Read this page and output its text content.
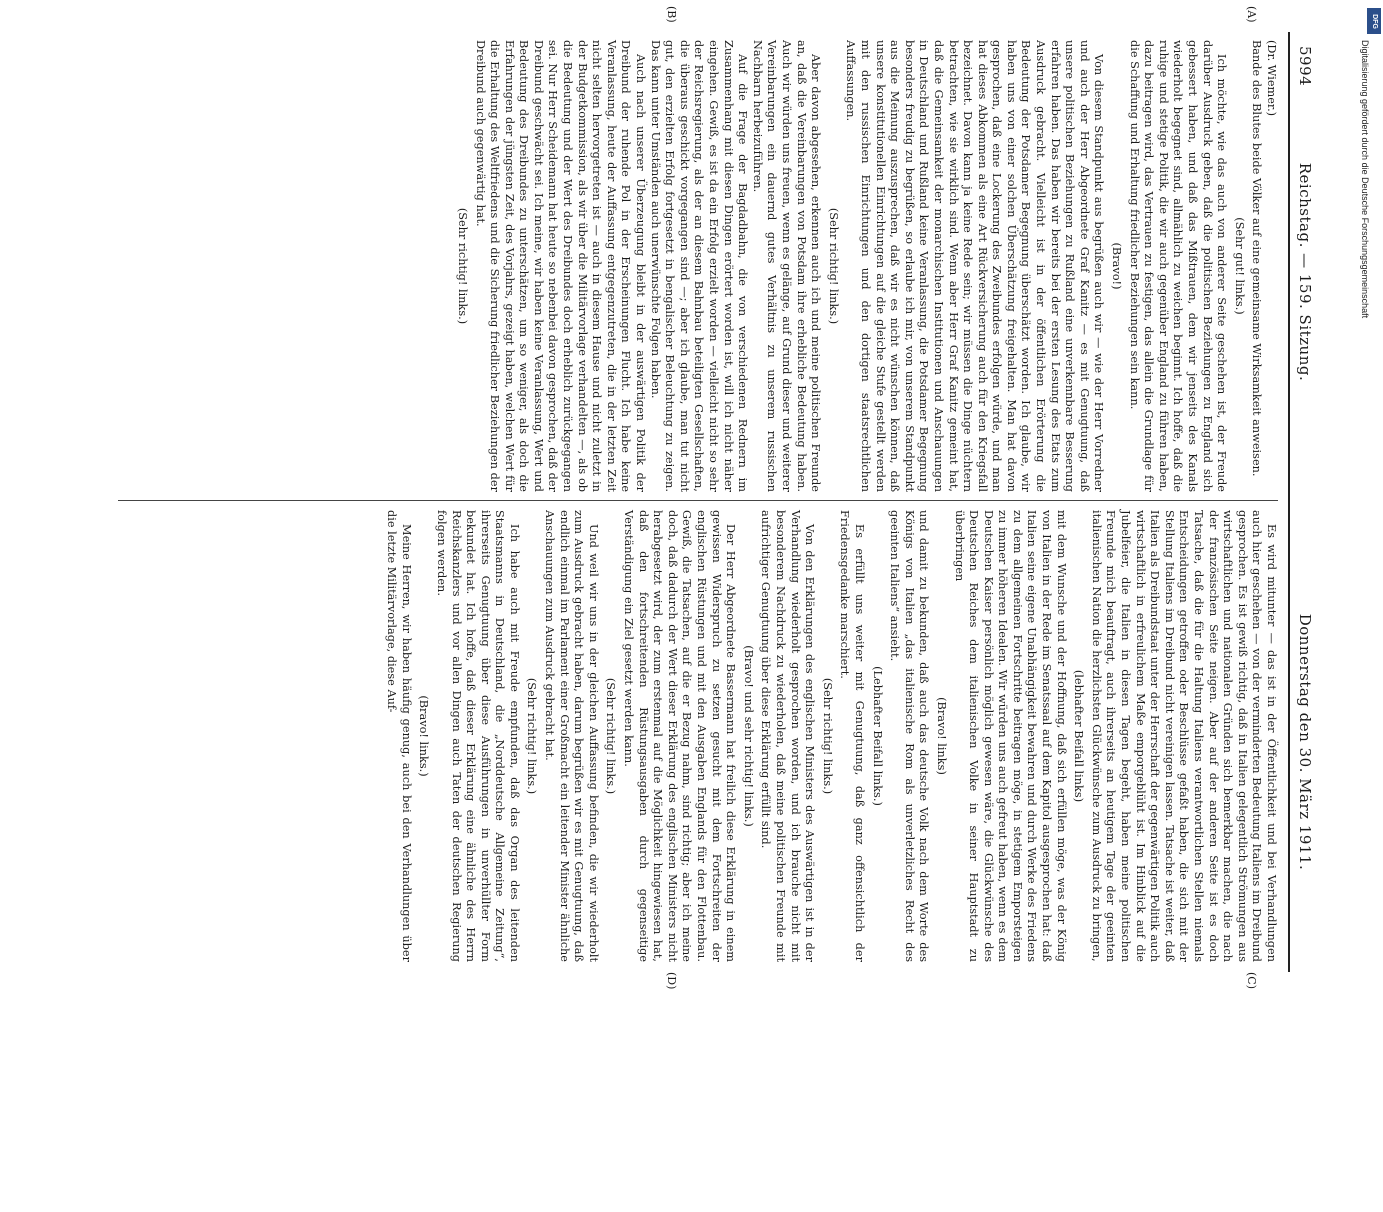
5994
Reichstag. — 159. Sitzung.
Donnerstag den 30. März 1911.
(A)
(B)
(C)
(D)

(Dr. Wiemer.)

Bande des Blutes beide Völker auf eine gemeinsame Wirksamkeit anweisen.

(Sehr gut! links.)

Ich möchte, wie das auch von anderer Seite geschehen ist, der Freude darüber Ausdruck geben, daß die politischen Beziehungen zu England sich gebessert haben, und daß das Mißtrauen, dem wir jenseits des Kanals wiederholt begegnet sind, allmählich zu weichen beginnt. Ich hoffe, daß die ruhige und stetige Politik, die wir auch gegenüber England zu führen haben, dazu beitragen wird, das Vertrauen zu festigen, das allein die Grundlage für die Schaffung und Erhaltung friedlicher Beziehungen sein kann.

(Bravo!)

Von diesem Standpunkt aus begrüßen auch wir — wie der Herr Vorredner und auch der Herr Abgeordnete Graf Kanitz — es mit Genugtuung, daß unsere politischen Beziehungen zu Rußland eine unverkennbare Besserung erfahren haben. Das haben wir bereits bei der ersten Lesung des Etats zum Ausdruck gebracht. Vielleicht ist in der öffentlichen Erörterung die Bedeutung der Potsdamer Begegnung überschätzt worden. Ich glaube, wir haben uns von einer solchen Überschätzung freigehalten. Man hat davon gesprochen, daß eine Lockerung des Zweibundes erfolgen würde, und man hat dieses Abkommen als eine Art Rückversicherung auch für den Kriegsfall bezeichnet. Davon kann ja keine Rede sein; wir müssen die Dinge nüchtern betrachten, wie sie wirklich sind. Wenn aber Herr Graf Kanitz gemeint hat, daß die Gemeinsamkeit der monarchischen Institutionen und Anschauungen in Deutschland und Rußland keine Veranlassung, die Potsdamer Begegnung besonders freudig zu begrüßen, so erlaube ich mir, von unserem Standpunkt aus die Meinung auszusprechen, daß wir es nicht wünschen können, daß unsere konstitutionellen Einrichtungen auf die gleiche Stufe gestellt werden mit den russischen Einrichtungen und den dortigen staatsrechtlichen Auffassungen.

(Sehr richtig! links.)

Aber davon abgesehen, erkennen auch ich und meine politischen Freunde an, daß die Vereinbarungen von Potsdam ihre erhebliche Bedeutung haben. Auch wir würden uns freuen, wenn es gelänge, auf Grund dieser und weiterer Vereinbarungen ein dauernd gutes Verhältnis zu unserem russischen Nachbarn herbeizuführen.

Auf die Frage der Bagdadbahn, die von verschiedenen Rednern im Zusammenhang mit diesen Dingen erörtert worden ist, will ich nicht näher eingehen. Gewiß, es ist da ein Erfolg erzielt worden — vielleicht nicht so sehr der Reichsregierung, als der an diesem Bahnbau beteiligten Gesellschaften, die überaus geschickt vorgegangen sind —; aber ich glaube, man tut nicht gut, den erzielten Erfolg fortgesetzt in bengalischer Beleuchtung zu zeigen. Das kann unter Umständen auch unerwünschte Folgen haben.

Auch nach unserer Überzeugung bleibt in der auswärtigen Politik der Dreibund der ruhende Pol in der Erscheinungen Flucht. Ich habe keine Veranlassung, heute der Auffassung entgegenzutreten, die in der letzten Zeit nicht selten hervorgetreten ist — auch in diesem Hause und nicht zuletzt in der Budgetkommission, als wir über die Militärvorlage verhandelten —, als ob die Bedeutung und der Wert des Dreibundes doch erheblich zurückgegangen sei. Nur Herr Scheidemann hat heute so nebenbei davon gesprochen, daß der Dreibund geschwächt sei. Ich meine, wir haben keine Veranlassung, Wert und Bedeutung des Dreibundes zu unterschätzen, um so weniger, als doch die Erfahrungen der jüngsten Zeit, des Vorjahrs, gezeigt haben, welchen Wert für die Erhaltung des Weltfriedens und die Sicherung friedlicher Beziehungen der Dreibund auch gegenwärtig hat.

(Sehr richtig! links.)

Es wird mitunter — das ist in der Öffentlichkeit und bei Verhandlungen auch hier geschehen — von der verminderten Bedeutung Italiens im Dreibund gesprochen. Es ist gewiß richtig, daß in Italien gelegentlich Strömungen aus wirtschaftlichen und nationalen Gründen sich bemerkbar machen, die nach der französischen Seite neigen. Aber auf der anderen Seite ist es doch Tatsache, daß die für die Haltung Italiens verantwortlichen Stellen niemals Entscheidungen getroffen oder Beschlüsse gefaßt haben, die sich mit der Stellung Italiens im Dreibund nicht vereinigen lassen. Tatsache ist weiter, daß Italien als Dreibundstaat unter der Herrschaft der gegenwärtigen Politik auch wirtschaftlich in erfreulichem Maße emporgeblüht ist. Im Hinblick auf die Jubelfeier, die Italien in diesen Tagen begeht, haben meine politischen Freunde mich beauftragt, auch ihrerseits an heutigem Tage der geeinten italienischen Nation die herzlichsten Glückwünsche zum Ausdruck zu bringen,

(lebhafter Beifall links)

mit dem Wunsche und der Hoffnung, daß sich erfüllen möge, was der König von Italien in der Rede im Senatssaal auf dem Kapitol ausgesprochen hat: daß Italien seine eigene Unabhängigkeit bewahren und durch Werke des Friedens zu dem allgemeinen Fortschritte beitragen möge, in stetigem Emporsteigen zu immer höheren Idealen. Wir würden uns auch gefreut haben, wenn es dem Deutschen Kaiser persönlich möglich gewesen wäre, die Glückwünsche des Deutschen Reiches dem italienischen Volke in seiner Hauptstadt zu überbringen

(Bravo! links)

und damit zu bekunden, daß auch das deutsche Volk nach dem Worte des Königs von Italien „das italienische Rom als unverletzliches Recht des geeinten Italiens“ ansieht.

(Lebhafter Beifall links.)

Es erfüllt uns weiter mit Genugtuung, daß ganz offensichtlich der Friedensgedanke marschiert.

(Sehr richtig! links.)

Von den Erklärungen des englischen Ministers des Auswärtigen ist in der Verhandlung wiederholt gesprochen worden, und ich brauche nicht mit besonderem Nachdruck zu wiederholen, daß meine politischen Freunde mit aufrichtiger Genugtuung über diese Erklärung erfüllt sind.

(Bravo! und sehr richtig! links.)

Der Herr Abgeordnete Bassermann hat freilich diese Erklärung in einem gewissen Widerspruch zu setzen gesucht mit dem Fortschreiten der englischen Rüstungen und mit den Ausgaben Englands für den Flottenbau. Gewiß, die Tatsachen, auf die er Bezug nahm, sind richtig; aber ich meine doch, daß dadurch der Wert dieser Erklärung des englischen Ministers nicht herabgesetzt wird, der zum erstenmal auf die Möglichkeit hingewiesen hat, daß den fortschreitenden Rüstungsausgaben durch gegenseitige Verständigung ein Ziel gesetzt werden kann.

(Sehr richtig! links.)

Und weil wir uns in der gleichen Auffassung befinden, die wir wiederholt zum Ausdruck gebracht haben, darum begrüßen wir es mit Genugtuung, daß endlich einmal im Parlament einer Großmacht ein leitender Minister ähnliche Anschauungen zum Ausdruck gebracht hat.

(Sehr richtig! links.)

Ich habe auch mit Freude empfunden, daß das Organ des leitenden Staatsmanns in Deutschland, die „Norddeutsche Allgemeine Zeitung“, ihrerseits Genugtuung über diese Ausführungen in unverhüllter Form bekundet hat. Ich hoffe, daß dieser Erklärung eine ähnliche des Herrn Reichskanzlers und vor allen Dingen auch Taten der deutschen Regierung folgen werden.

(Bravo! links.)

Meine Herren, wir haben häufig genug, auch bei den Verhandlungen über die letzte Militärvorlage, diese Auf-

DFG
Digitalisierung gefördert durch die Deutsche Forschungsgemeinschaft
